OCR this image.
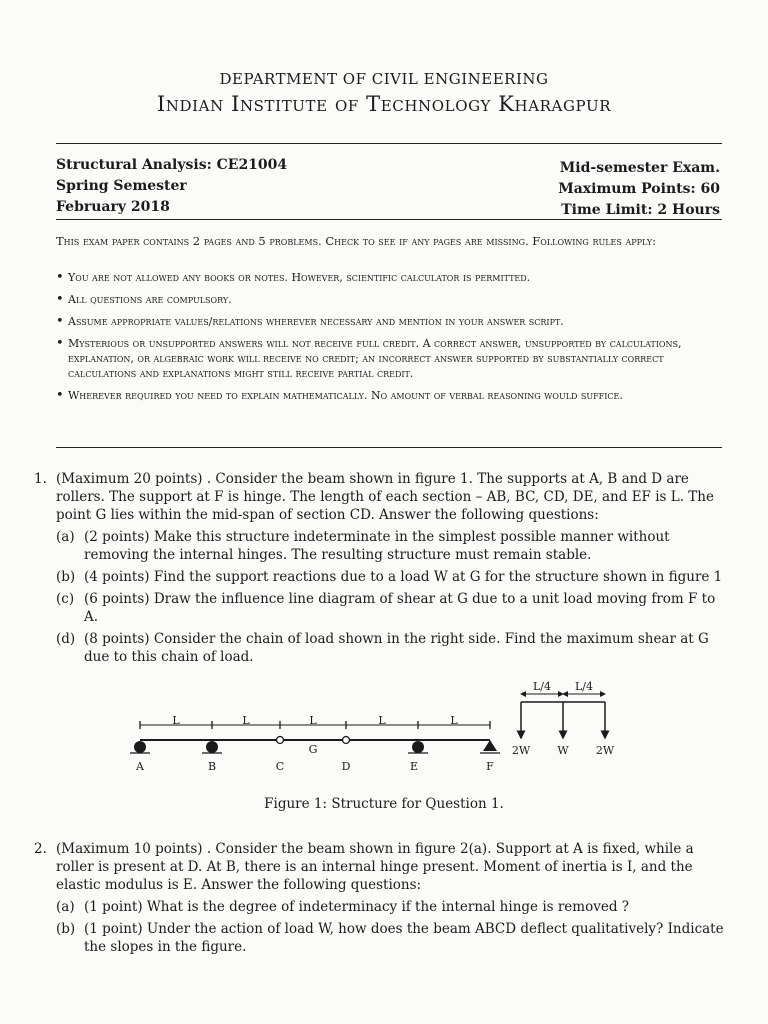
DEPARTMENT OF CIVIL ENGINEERING
Indian Institute of Technology Kharagpur
Structural Analysis: CE21004
Spring Semester
February 2018
Mid-semester Exam.
Maximum Points: 60
Time Limit: 2 Hours
This exam paper contains 2 pages and 5 problems. Check to see if any pages are missing. Following rules apply:
• You are not allowed any books or notes. However, scientific calculator is permitted.
• All questions are compulsory.
• Assume appropriate values/relations wherever necessary and mention in your answer script.
• Mysterious or unsupported answers will not receive full credit. A correct answer, unsupported by calculations, explanation, or algebraic work will receive no credit; an incorrect answer supported by substantially correct calculations and explanations might still receive partial credit.
• Wherever required you need to explain mathematically. No amount of verbal reasoning would suffice.
1. (Maximum 20 points) . Consider the beam shown in figure 1. The supports at A, B and D are rollers. The support at F is hinge. The length of each section – AB, BC, CD, DE, and EF is L. The point G lies within the mid-span of section CD. Answer the following questions:
(a) (2 points) Make this structure indeterminate in the simplest possible manner without removing the internal hinges. The resulting structure must remain stable.
(b) (4 points) Find the support reactions due to a load W at G for the structure shown in figure 1
(c) (6 points) Draw the influence line diagram of shear at G due to a unit load moving from F to A.
(d) (8 points) Consider the chain of load shown in the right side. Find the maximum shear at G due to this chain of load.
L	L	L	L	L
A	B	C	D	E	F
G
L/4 L/4
2W W 2W
Figure 1: Structure for Question 1.
2. (Maximum 10 points) . Consider the beam shown in figure 2(a). Support at A is fixed, while a roller is present at D. At B, there is an internal hinge present. Moment of inertia is I, and the elastic modulus is E. Answer the following questions:
(a) (1 point) What is the degree of indeterminacy if the internal hinge is removed ?
(b) (1 point) Under the action of load W, how does the beam ABCD deflect qualitatively? Indicate the slopes in the figure.
